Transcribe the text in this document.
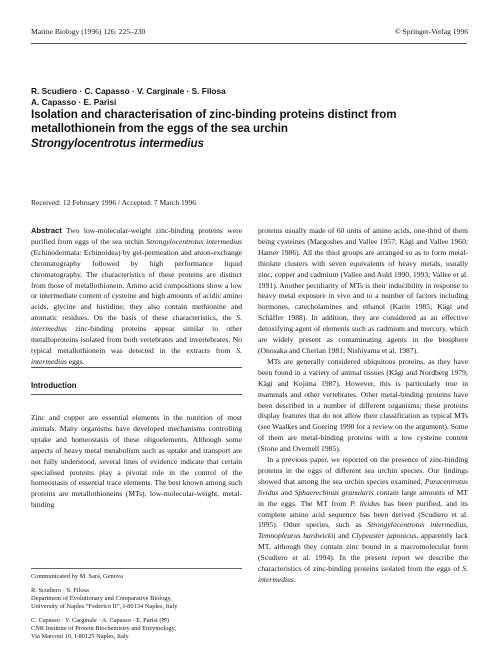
Marine Biology (1996) 126: 225–230	© Springer-Verlag 1996
R. Scudiero · C. Capasso · V. Carginale · S. Filosa
A. Capasso · E. Parisi
Isolation and characterisation of zinc-binding proteins distinct from
metallothionein from the eggs of the sea urchin
Strongylocentrotus intermedius
Received: 12 February 1996 / Accepted: 7 March 1996

Abstract Two low-molecular-weight zinc-binding proteins were purified from eggs of the sea urchin Strongylocentrotus intermedius (Echinodermata: Echinoidea) by gel-permeation and anion-exchange chromatography followed by high performance liquid chromatography. The characteristics of these proteins are distinct from those of metallothionein. Amino acid compositions show a low or intermediate content of cysteine and high amounts of acidic amino acids, glycine and histidine; they also contain methionine and aromatic residues. On the basis of these characteristics, the S. intermedius zinc-binding proteins appear similar to other metalloproteins isolated from both vertebrates and invertebrates. No typical metallothionein was detected in the extracts from S. intermedius eggs.

Introduction

Zinc and copper are essential elements in the nutrition of most animals. Many organisms have developed mechanisms controlling uptake and homeostasis of these oligoelements. Although some aspects of heavy metal metabolism such as uptake and transport are not fully understood, several lines of evidence indicate that certain specialised proteins play a pivotal role in the control of the homeostasis of essential trace elements. The best known among such proteins are metallothioneins (MTs), low-molecular-weight, metal-binding

proteins usually made of 60 units of amino acids, one-third of them being cysteines (Margoshes and Vallee 1957; Kägi and Vallee 1960; Hamer 1986). All the thiol groups are arranged so as to form metal-thiolate clusters with seven equivalents of heavy metals, usually zinc, copper and cadmium (Vallee and Auld 1990, 1993; Vallee et al. 1991). Another peculiarity of MTs is their inducibility in response to heavy metal exposure in vivo and to a number of factors including hormones, catecholamines and ethanol (Karin 1985; Kägi and Schäffer 1988). In addition, they are considered as an effective detoxifying agent of elements such as cadmium and mercury, which are widely present as contaminating agents in the biosphere (Onosaka and Cherian 1981; Nishiyama et al. 1987).

MTs are generally considered ubiquitous proteins, as they have been found in a variety of animal tissues (Kägi and Nordberg 1979; Kägi and Kojima 1987). However, this is particularly true in mammals and other vertebrates. Other metal-binding proteins have been described in a number of different organisms; these proteins display features that do not allow their classification as typical MTs (see Waalkes and Goering 1990 for a review on the argument). Some of them are metal-binding proteins with a low cysteine content (Stone and Overnell 1985).

In a previous paper, we reported on the presence of zinc-binding proteins in the eggs of different sea urchin species. Our findings showed that among the sea urchin species examined, Paracentrotus lividus and Sphaerechinus granularis contain large amounts of MT in the eggs. The MT from P. lividus has been purified, and its complete amino acid sequence has been derived (Scudiero et al. 1995). Other species, such as Strongylocentrotus intermedius, Temnopleurus hardwickii and Clypeaster japonicus, apparently lack MT, although they contain zinc bound in a macromolecular form (Scudiero et al. 1994). In the present report we describe the characteristics of zinc-binding proteins isolated from the eggs of S. intermedius.

Communicated by M. Sarà, Genova
R. Scudiero · S. Filosa
Department of Evolutionary and Comparative Biology,
University of Naples “Federico II”, I-80134 Naples, Italy
C. Capasso · V. Carginale · A. Capasso · E. Parisi (✉)
CNR Institute of Protein Biochemistry and Enzymology,
Via Marconi 10, I-80125 Naples, Italy
